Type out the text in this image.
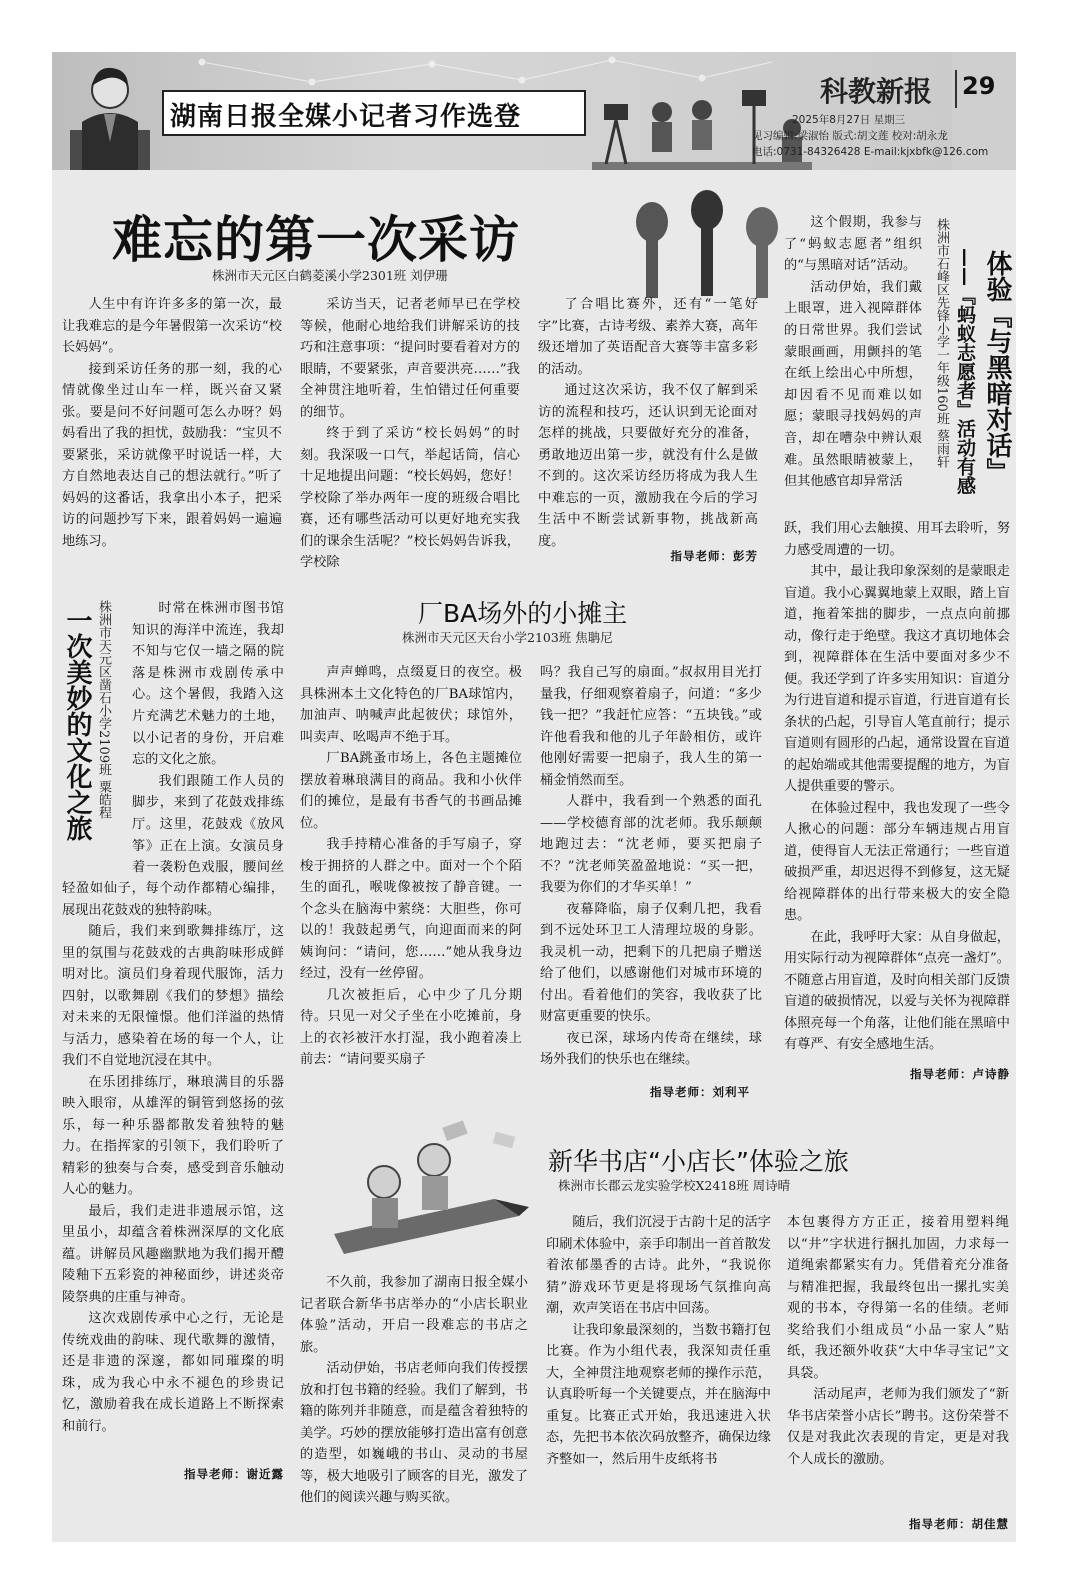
湖南日报全媒小记者习作选登
科教新报 29
2025年8月27日 星期三
见习编辑:梁淑怡 版式:胡文莲 校对:胡永龙
电话:0731-84326428 E-mail:kjxbfk@126.com
难忘的第一次采访
株洲市天元区白鹤菱溪小学2301班 刘伊珊

人生中有许许多多的第一次，最让我难忘的是今年暑假第一次采访“校长妈妈”。

接到采访任务的那一刻，我的心情就像坐过山车一样，既兴奋又紧张。要是问不好问题可怎么办呀？妈妈看出了我的担忧，鼓励我：“宝贝不要紧张，采访就像平时说话一样，大方自然地表达自己的想法就行。”听了妈妈的这番话，我拿出小本子，把采访的问题抄写下来，跟着妈妈一遍遍地练习。

采访当天，记者老师早已在学校等候，他耐心地给我们讲解采访的技巧和注意事项：“提问时要看着对方的眼睛，不要紧张，声音要洪亮……”我全神贯注地听着，生怕错过任何重要的细节。

终于到了采访“校长妈妈”的时刻。我深吸一口气，举起话筒，信心十足地提出问题：“校长妈妈，您好！学校除了举办两年一度的班级合唱比赛，还有哪些活动可以更好地充实我们的课余生活呢？”校长妈妈告诉我，学校除

了合唱比赛外，还有“一笔好字”比赛，古诗考级、素养大赛，高年级还增加了英语配音大赛等丰富多彩的活动。

通过这次采访，我不仅了解到采访的流程和技巧，还认识到无论面对怎样的挑战，只要做好充分的准备，勇敢地迈出第一步，就没有什么是做不到的。这次采访经历将成为我人生中难忘的一页，激励我在今后的学习生活中不断尝试新事物，挑战新高度。

指导老师：彭芳

这个假期，我参与了“蚂蚁志愿者”组织的“与黑暗对话”活动。

活动伊始，我们戴上眼罩，进入视障群体的日常世界。我们尝试蒙眼画画，用颤抖的笔在纸上绘出心中所想，却因看不见而难以如愿；蒙眼寻找妈妈的声音，却在嘈杂中辨认艰难。虽然眼睛被蒙上，但其他感官却异常活

株洲市石峰区先锋小学一年级160班 蔡雨轩 体验『与黑暗对话』
——『蚂蚁志愿者』活动有感

跃，我们用心去触摸、用耳去聆听，努力感受周遭的一切。

其中，最让我印象深刻的是蒙眼走盲道。我小心翼翼地蒙上双眼，踏上盲道，拖着笨拙的脚步，一点点向前挪动，像行走于绝壁。我这才真切地体会到，视障群体在生活中要面对多少不便。我还学到了许多实用知识：盲道分为行进盲道和提示盲道，行进盲道有长条状的凸起，引导盲人笔直前行；提示盲道则有圆形的凸起，通常设置在盲道的起始端或其他需要提醒的地方，为盲人提供重要的警示。

在体验过程中，我也发现了一些令人揪心的问题：部分车辆违规占用盲道，使得盲人无法正常通行；一些盲道破损严重，却迟迟得不到修复，这无疑给视障群体的出行带来极大的安全隐患。

在此，我呼吁大家：从自身做起，用实际行动为视障群体“点亮一盏灯”。不随意占用盲道，及时向相关部门反馈盲道的破损情况，以爱与关怀为视障群体照亮每一个角落，让他们能在黑暗中有尊严、有安全感地生活。

指导老师：卢诗静
一次美妙的文化之旅 株洲市天元区凿石小学2109班 粟皓程	时常在株洲市图书馆知识的海洋中流连，我却不知与它仅一墙之隔的院落是株洲市戏剧传承中心。这个暑假，我踏入这片充满艺术魅力的土地，以小记者的身份，开启难忘的文化之旅。

我们跟随工作人员的脚步，来到了花鼓戏排练厅。这里，花鼓戏《放风筝》正在上演。女演员身着一袭粉色戏服，腰间丝

轻盈如仙子，每个动作都精心编排，展现出花鼓戏的独特韵味。

随后，我们来到歌舞排练厅，这里的氛围与花鼓戏的古典韵味形成鲜明对比。演员们身着现代服饰，活力四射，以歌舞剧《我们的梦想》描绘对未来的无限憧憬。他们洋溢的热情与活力，感染着在场的每一个人，让我们不自觉地沉浸在其中。

在乐团排练厅，琳琅满目的乐器映入眼帘，从雄浑的铜管到悠扬的弦乐，每一种乐器都散发着独特的魅力。在指挥家的引领下，我们聆听了精彩的独奏与合奏，感受到音乐触动人心的魅力。

最后，我们走进非遗展示馆，这里虽小，却蕴含着株洲深厚的文化底蕴。讲解员风趣幽默地为我们揭开醴陵釉下五彩瓷的神秘面纱，讲述炎帝陵祭典的庄重与神奇。

这次戏剧传承中心之行，无论是传统戏曲的韵味、现代歌舞的激情，还是非遗的深邃，都如同璀璨的明珠，成为我心中永不褪色的珍贵记忆，激励着我在成长道路上不断探索和前行。

指导老师：谢近露
厂BA场外的小摊主
株洲市天元区天台小学2103班 焦聃尼

声声蝉鸣，点缀夏日的夜空。极具株洲本土文化特色的厂BA球馆内，加油声、呐喊声此起彼伏；球馆外，叫卖声、吆喝声不绝于耳。

厂BA跳蚤市场上，各色主题摊位摆放着琳琅满目的商品。我和小伙伴们的摊位，是最有书香气的书画品摊位。

我手持精心准备的手写扇子，穿梭于拥挤的人群之中。面对一个个陌生的面孔，喉咙像被按了静音键。一个念头在脑海中萦绕：大胆些，你可以的！我鼓起勇气，向迎面而来的阿姨询问：“请问，您……”她从我身边经过，没有一丝停留。

几次被拒后，心中少了几分期待。只见一对父子坐在小吃摊前，身上的衣衫被汗水打湿，我小跑着凑上前去：“请问要买扇子

吗？我自己写的扇面。”叔叔用目光打量我，仔细观察着扇子，问道：“多少钱一把？”我赶忙应答：“五块钱。”或许他看我和他的儿子年龄相仿，或许他刚好需要一把扇子，我人生的第一桶金悄然而至。

人群中，我看到一个熟悉的面孔——学校德育部的沈老师。我乐颠颠地跑过去：“沈老师，要买把扇子不？”沈老师笑盈盈地说：“买一把，我要为你们的才华买单！”

夜幕降临，扇子仅剩几把，我看到不远处环卫工人清理垃圾的身影。我灵机一动，把剩下的几把扇子赠送给了他们，以感谢他们对城市环境的付出。看着他们的笑容，我收获了比财富更重要的快乐。

夜已深，球场内传奇在继续，球场外我们的快乐也在继续。

指导老师：刘利平
新华书店“小店长”体验之旅
株洲市长郡云龙实验学校X2418班 周诗晴

不久前，我参加了湖南日报全媒小记者联合新华书店举办的“小店长职业体验”活动，开启一段难忘的书店之旅。

活动伊始，书店老师向我们传授摆放和打包书籍的经验。我们了解到，书籍的陈列并非随意，而是蕴含着独特的美学。巧妙的摆放能够打造出富有创意的造型，如巍峨的书山、灵动的书屋等，极大地吸引了顾客的目光，激发了他们的阅读兴趣与购买欲。

随后，我们沉浸于古韵十足的活字印刷术体验中，亲手印制出一首首散发着浓郁墨香的古诗。此外，“我说你猜”游戏环节更是将现场气氛推向高潮，欢声笑语在书店中回荡。

让我印象最深刻的，当数书籍打包比赛。作为小组代表，我深知责任重大，全神贯注地观察老师的操作示范，认真聆听每一个关键要点，并在脑海中重复。比赛正式开始，我迅速进入状态，先把书本依次码放整齐，确保边缘齐整如一，然后用牛皮纸将书

本包裹得方方正正，接着用塑料绳以“井”字状进行捆扎加固，力求每一道绳索都紧实有力。凭借着充分准备与精准把握，我最终包出一摞扎实美观的书本，夺得第一名的佳绩。老师奖给我们小组成员“小品一家人”贴纸，我还额外收获“大中华寻宝记”文具袋。

活动尾声，老师为我们颁发了“新华书店荣誉小店长”聘书。这份荣誉不仅是对我此次表现的肯定，更是对我个人成长的激励。

指导老师：胡佳慧
